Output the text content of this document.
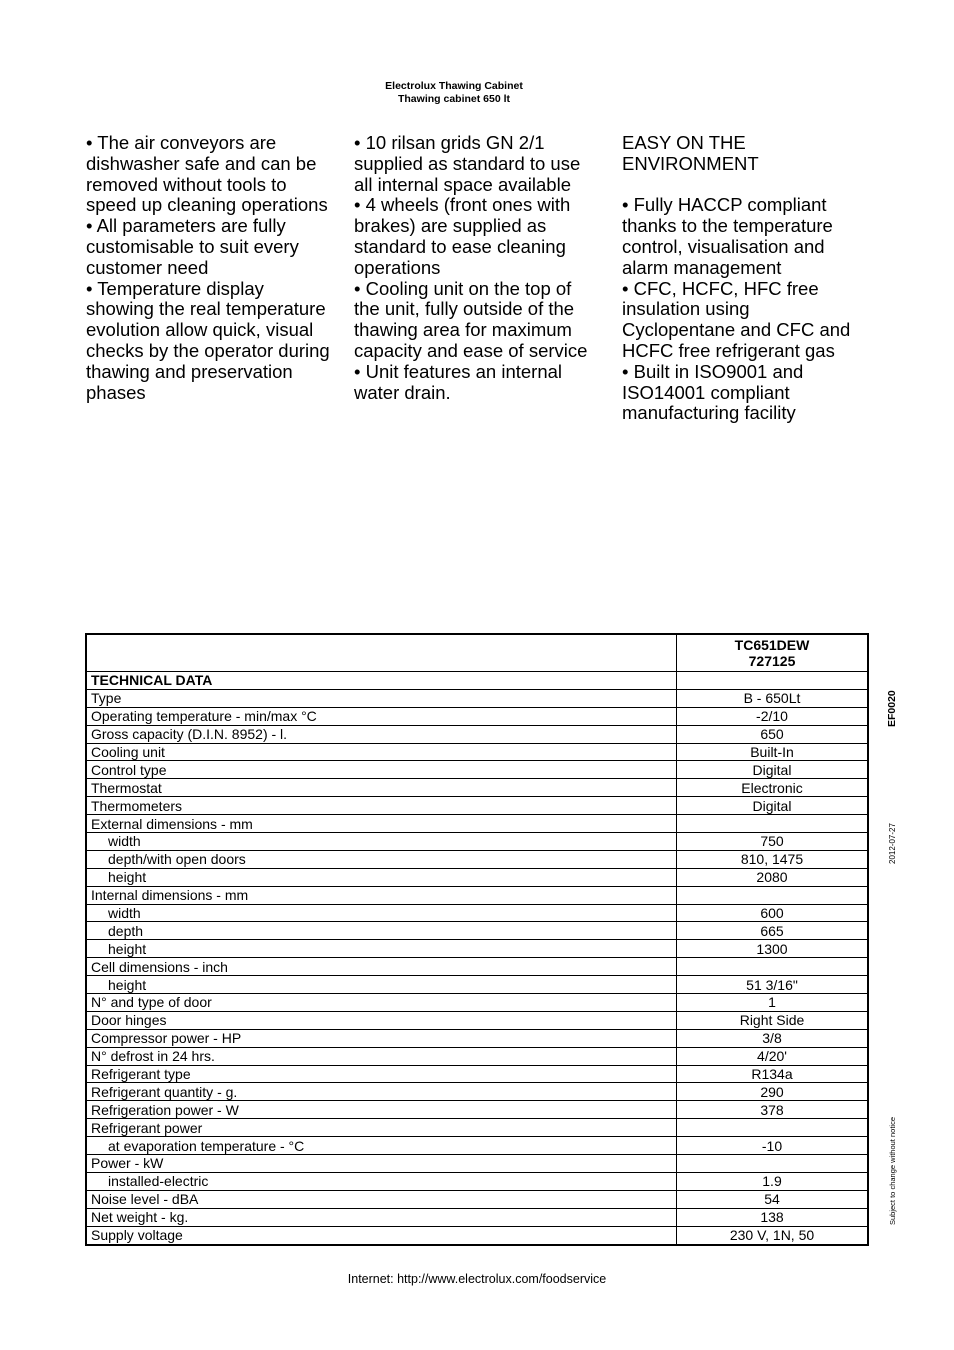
Electrolux Thawing Cabinet
Thawing cabinet 650 lt

• The air conveyors are dishwasher safe and can be removed without tools to speed up cleaning operations

• All parameters are fully customisable to suit every customer need

• Temperature display showing the real temperature evolution allow quick, visual checks by the operator during thawing and preservation phases

• 10 rilsan grids GN 2/1 supplied as standard to use all internal space available

• 4 wheels (front ones with brakes) are supplied as standard to ease cleaning operations

• Cooling unit on the top of the unit, fully outside of the thawing area for maximum capacity and ease of service

• Unit features an internal water drain.

EASY ON THE ENVIRONMENT

• Fully HACCP compliant thanks to the temperature control, visualisation and alarm management

• CFC, HCFC, HFC free insulation using Cyclopentane and CFC and HCFC free refrigerant gas

• Built in ISO9001 and ISO14001 compliant manufacturing facility

	TC651DEW
727125

TECHNICAL DATA	
Type	B - 650Lt
Operating temperature - min/max °C	-2/10
Gross capacity (D.I.N. 8952) - l.	650
Cooling unit	Built-In
Control type	Digital
Thermostat	Electronic
Thermometers	Digital
External dimensions - mm	
width	750
depth/with open doors	810, 1475
height	2080
Internal dimensions - mm	
width	600
depth	665
height	1300
Cell dimensions - inch	
height	51 3/16"
N° and type of door	1
Door hinges	Right Side
Compressor power - HP	3/8
N° defrost in 24 hrs.	4/20'
Refrigerant type	R134a
Refrigerant quantity - g.	290
Refrigeration power - W	378
Refrigerant power	
at evaporation temperature - °C	-10
Power - kW	
installed-electric	1.9
Noise level - dBA	54
Net weight - kg.	138
Supply voltage	230 V, 1N, 50
EF0020
2012-07-27
Subject to change without notice
Internet: http://www.electrolux.com/foodservice
